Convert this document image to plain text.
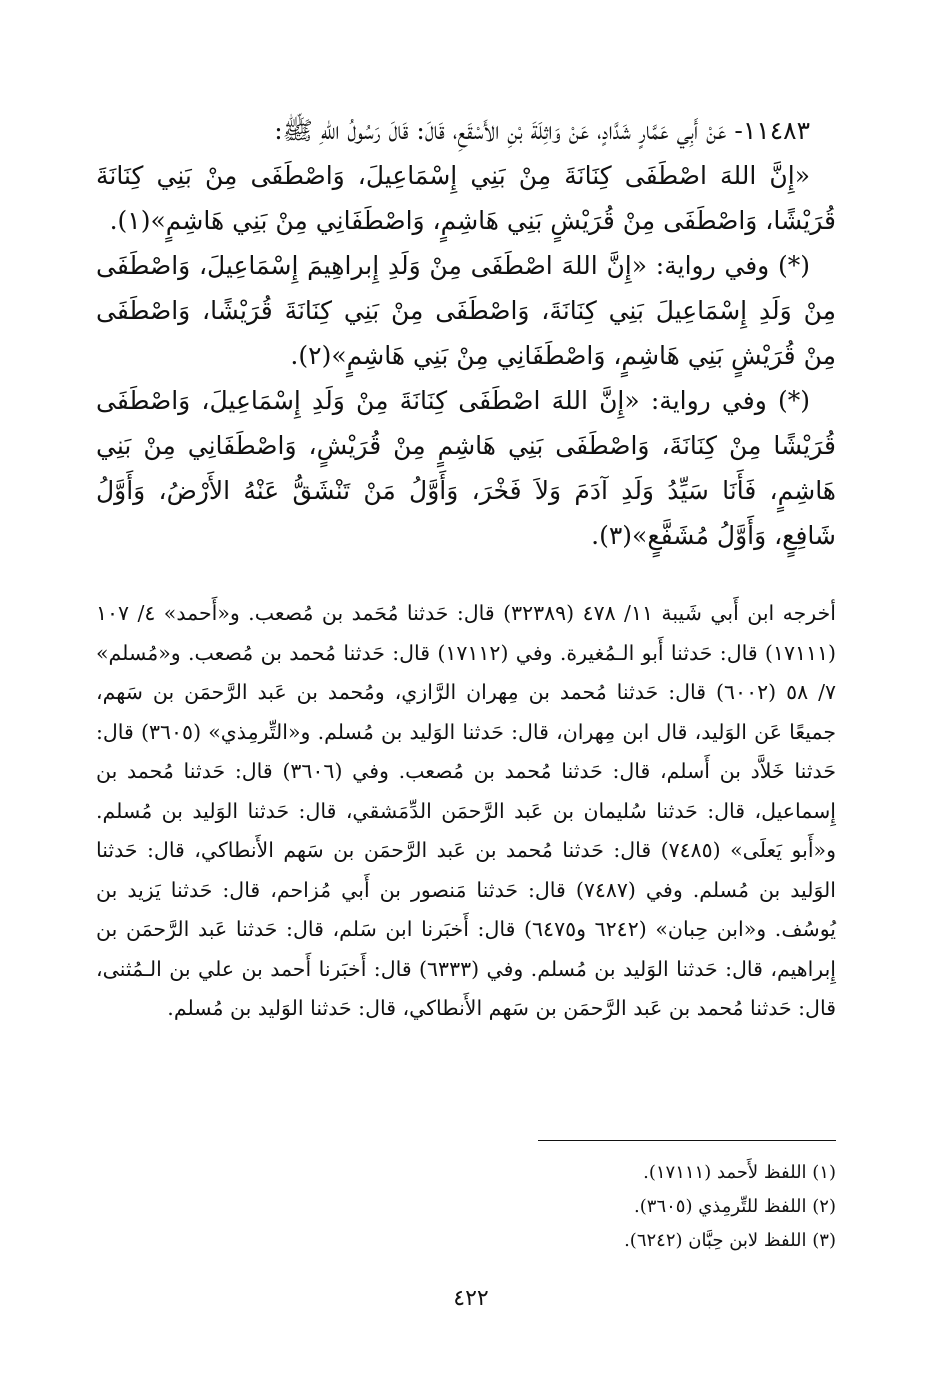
١١٤٨٣- عَنْ أَبِي عَمَّارٍ شَدَّادٍ، عَنْ وَاثِلَةَ بْنِ الأَسْقَعِ، قَالَ: قَالَ رَسُولُ اللهِ ﷺ:

«إِنَّ اللهَ اصْطَفَى كِنَانَةَ مِنْ بَنِي إِسْمَاعِيلَ، وَاصْطَفَى مِنْ بَنِي كِنَانَةَ قُرَيْشًا، وَاصْطَفَى مِنْ قُرَيْشٍ بَنِي هَاشِمٍ، وَاصْطَفَانِي مِنْ بَنِي هَاشِمٍ»(١).

(*) وفي رواية: «إِنَّ اللهَ اصْطَفَى مِنْ وَلَدِ إِبراهِيمَ إِسْمَاعِيلَ، وَاصْطَفَى مِنْ وَلَدِ إِسْمَاعِيلَ بَنِي كِنَانَةَ، وَاصْطَفَى مِنْ بَنِي كِنَانَةَ قُرَيْشًا، وَاصْطَفَى مِنْ قُرَيْشٍ بَنِي هَاشِمٍ، وَاصْطَفَانِي مِنْ بَنِي هَاشِمٍ»(٢).

(*) وفي رواية: «إِنَّ اللهَ اصْطَفَى كِنَانَةَ مِنْ وَلَدِ إِسْمَاعِيلَ، وَاصْطَفَى قُرَيْشًا مِنْ كِنَانَةَ، وَاصْطَفَى بَنِي هَاشِمٍ مِنْ قُرَيْشٍ، وَاصْطَفَانِي مِنْ بَنِي هَاشِمٍ، فَأَنَا سَيِّدُ وَلَدِ آدَمَ وَلاَ فَخْرَ، وَأَوَّلُ مَنْ تَنْشَقُّ عَنْهُ الأَرْضُ، وَأَوَّلُ شَافِعٍ، وَأَوَّلُ مُشَفَّعٍ»(٣).

أخرجه ابن أَبي شَيبة ١١/ ٤٧٨ (٣٢٣٨٩) قال: حَدثنا مُحَمد بن مُصعب. و«أَحمد» ٤/ ١٠٧ (١٧١١١) قال: حَدثنا أَبو الـمُغيرة. وفي (١٧١١٢) قال: حَدثنا مُحمد بن مُصعب. و«مُسلم» ٧/ ٥٨ (٦٠٠٢) قال: حَدثنا مُحمد بن مِهران الرَّازي، ومُحمد بن عَبد الرَّحمَن بن سَهم، جميعًا عَن الوَليد، قال ابن مِهران، قال: حَدثنا الوَليد بن مُسلم. و«التِّرمِذي» (٣٦٠٥) قال: حَدثنا خَلاَّد بن أَسلم، قال: حَدثنا مُحمد بن مُصعب. وفي (٣٦٠٦) قال: حَدثنا مُحمد بن إِسماعيل، قال: حَدثنا سُليمان بن عَبد الرَّحمَن الدِّمَشقي، قال: حَدثنا الوَليد بن مُسلم. و«أَبو يَعلَى» (٧٤٨٥) قال: حَدثنا مُحمد بن عَبد الرَّحمَن بن سَهم الأَنطاكي، قال: حَدثنا الوَليد بن مُسلم. وفي (٧٤٨٧) قال: حَدثنا مَنصور بن أَبي مُزاحم، قال: حَدثنا يَزيد بن يُوسُف. و«ابن حِبان» (٦٢٤٢ و٦٤٧٥) قال: أَخبَرنا ابن سَلم، قال: حَدثنا عَبد الرَّحمَن بن إِبراهيم، قال: حَدثنا الوَليد بن مُسلم. وفي (٦٣٣٣) قال: أَخبَرنا أَحمد بن علي بن الـمُثنى، قال: حَدثنا مُحمد بن عَبد الرَّحمَن بن سَهم الأَنطاكي، قال: حَدثنا الوَليد بن مُسلم.

(١) اللفظ لأَحمد (١٧١١١).
(٢) اللفظ للتِّرمِذي (٣٦٠٥).
(٣) اللفظ لابن حِبَّان (٦٢٤٢).
٤٢٢
